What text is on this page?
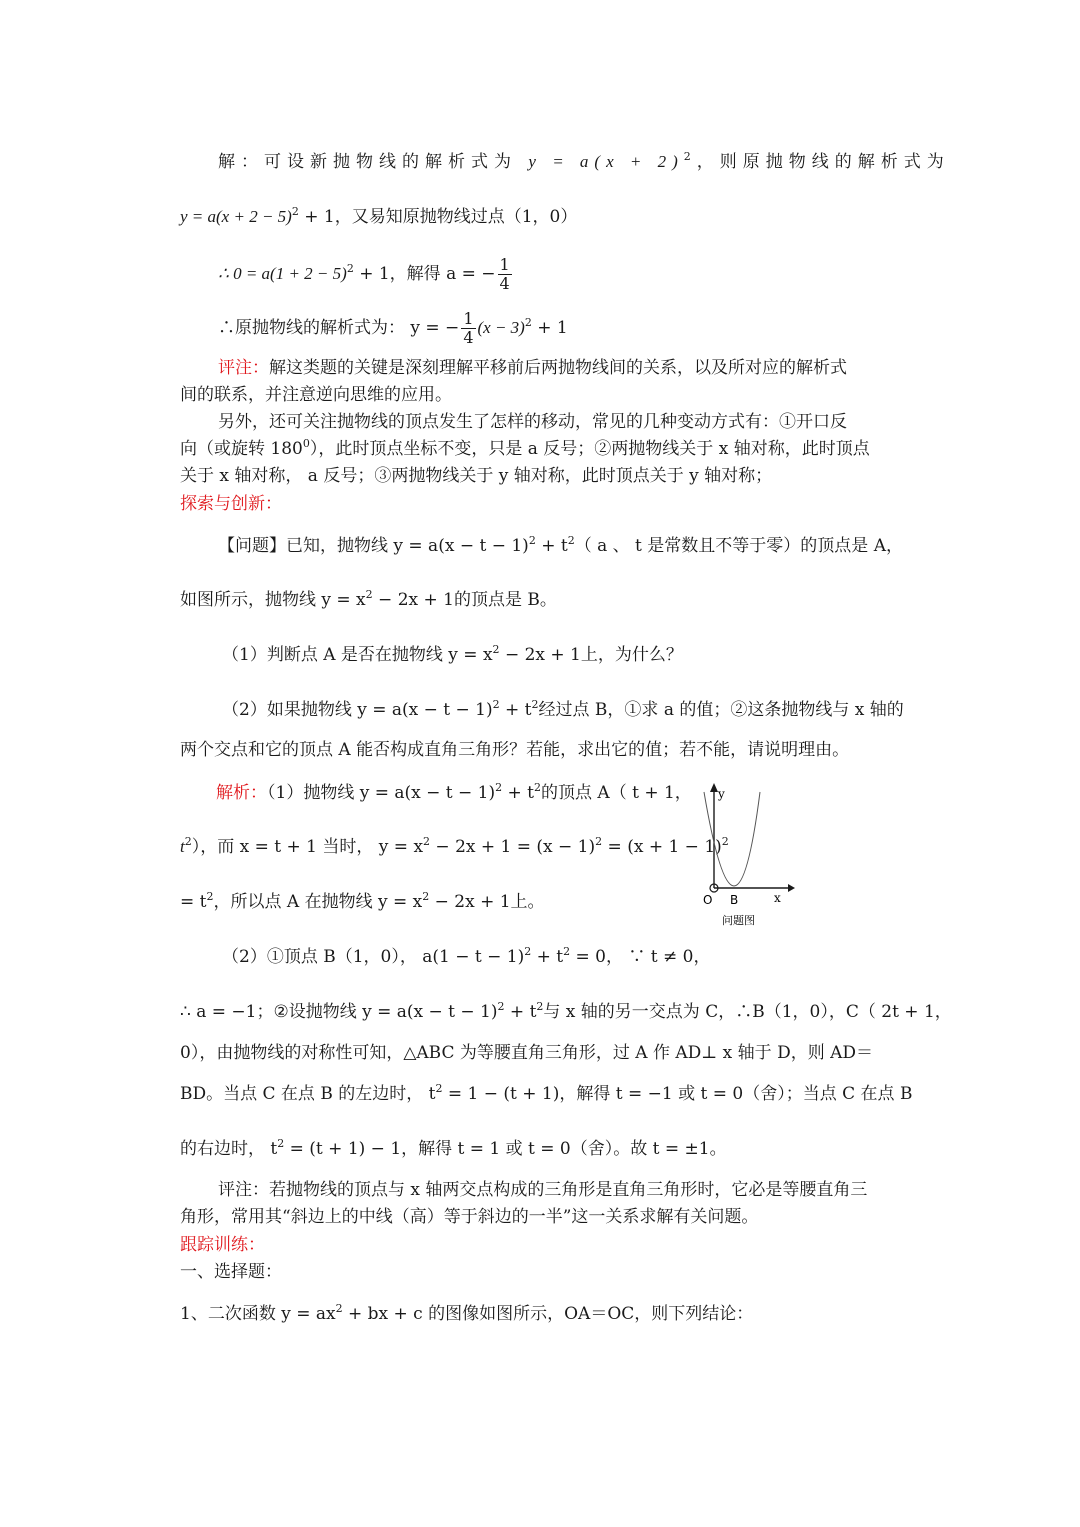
解：可设新抛物线的解析式为 $y = a(x + 2)^2$，则原抛物线的解析式为
$y = a(x + 2 - 5)^2 + 1$，又易知原抛物线过点（1，0）
∴ $0 = a(1 + 2 - 5)^2 + 1$，解得 a = − $\frac{1}{4}$
∴原抛物线的解析式为： y = − $\frac{1}{4} (x - 3)^2 + 1$
评注：解这类题的关键是深刻理解平移前后两抛物线间的关系，以及所对应的解析式
间的联系，并注意逆向思维的应用。
另外，还可关注抛物线的顶点发生了怎样的移动，常见的几种变动方式有：①开口反
向（或旋转 $180^0$），此时顶点坐标不变，只是 a 反号；②两抛物线关于 x 轴对称，此时顶点
关于 x 轴对称， a 反号；③两抛物线关于 y 轴对称，此时顶点关于 y 轴对称；
探索与创新：
【问题】已知，抛物线 $y = a(x - t - 1)^2 + t^2$（ a 、 t 是常数且不等于零）的顶点是 A，
如图所示，抛物线 $y = x^2 - 2x + 1$的顶点是 B。
（1）判断点 A 是否在抛物线 $y = x^2 - 2x + 1$上，为什么？
（2）如果抛物线 $y = a(x - t - 1)^2 + t^2$经过点 B，①求 a 的值；②这条抛物线与 x 轴的
两个交点和它的顶点 A 能否构成直角三角形？若能，求出它的值；若不能，请说明理由。
解析：（1）抛物线 $y = a(x - t - 1)^2 + t^2$的顶点 A（ t + 1，
$t^2$），而 x = t + 1 当时， $y = x^2 - 2x + 1 = (x - 1)^2 = (x + 1 - 1)^2$
= $t^2$，所以点 A 在抛物线 $y = x^2 - 2x + 1$上。
y
x
O B
问题图
（2）①顶点 B（1，0）， $a(1 - t - 1)^2 + t^2 = 0$， ∵ t ≠ 0，
∴ a = −1；②设抛物线 $y = a(x - t - 1)^2 + t^2$与 x 轴的另一交点为 C，∴B（1，0），C（ 2t + 1，
0），由抛物线的对称性可知，△ABC 为等腰直角三角形，过 A 作 AD⊥ x 轴于 D，则 AD＝
BD。当点 C 在点 B 的左边时， $t^2 = 1 - (t + 1)$，解得 t = −1 或 t = 0（舍）；当点 C 在点 B
的右边时， $t^2 = (t + 1) - 1$，解得 t = 1 或 t = 0（舍）。故 t = ±1。
评注：若抛物线的顶点与 x 轴两交点构成的三角形是直角三角形时，它必是等腰直角三
角形，常用其“斜边上的中线（高）等于斜边的一半”这一关系求解有关问题。
跟踪训练：
一、选择题：
1、二次函数 $y = ax^2$ + bx + c 的图像如图所示，OA＝OC，则下列结论：
